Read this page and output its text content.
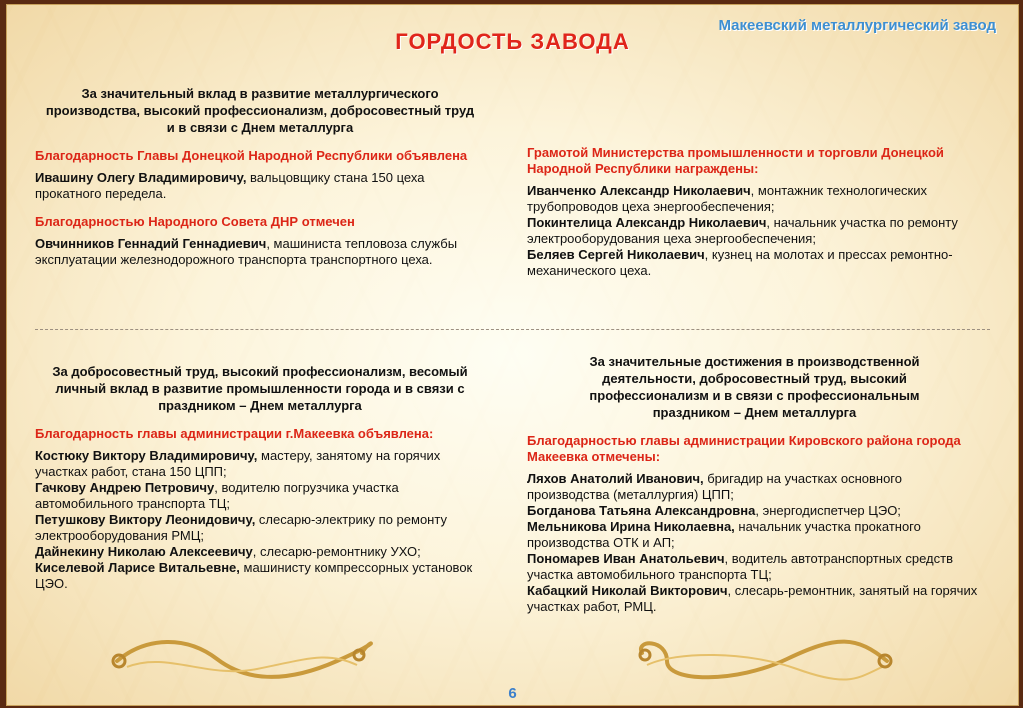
Макеевский металлургический завод
ГОРДОСТЬ ЗАВОДА
За значительный вклад в развитие металлургического производства, высокий профессионализм, добросовестный труд и в связи с Днем металлурга
Благодарность Главы Донецкой Народной Республики объявлена

Ивашину Олегу Владимировичу, вальцовщику стана 150 цеха прокатного передела.

Благодарностью Народного Совета ДНР отмечен

Овчинников Геннадий Геннадиевич, машиниста тепловоза службы эксплуатации железнодорожного транспорта транспортного цеха.

Грамотой Министерства промышленности и торговли Донецкой Народной Республики награждены:

Иванченко Александр Николаевич, монтажник технологических трубопроводов цеха энергообеспечения;

Покинтелица Александр Николаевич, начальник участка по ремонту электрооборудования цеха энергообеспечения;

Беляев Сергей Николаевич, кузнец на молотах и прессах ремонтно-механического цеха.

За добросовестный труд, высокий профессионализм, весомый личный вклад в развитие промышленности города и в связи с праздником – Днем металлурга
Благодарность главы администрации г.Макеевка объявлена:

Костюку Виктору Владимировичу, мастеру, занятому на горячих участках работ, стана 150 ЦПП;

Гачкову Андрею Петровичу, водителю погрузчика участка автомобильного транспорта ТЦ;

Петушкову Виктору Леонидовичу, слесарю-электрику по ремонту электрооборудования РМЦ;

Дайнекину Николаю Алексеевичу, слесарю-ремонтнику УХО;

Киселевой Ларисе Витальевне, машинисту компрессорных установок ЦЭО.

За значительные достижения в производственной деятельности, добросовестный труд, высокий профессионализм и в связи с профессиональным праздником – Днем металлурга
Благодарностью главы администрации Кировского района города Макеевка отмечены:

Ляхов Анатолий Иванович, бригадир на участках основного производства (металлургия) ЦПП;

Богданова Татьяна Александровна, энергодиспетчер ЦЭО;

Мельникова Ирина Николаевна, начальник участка прокатного производства ОТК и АП;

Пономарев Иван Анатольевич, водитель автотранспортных средств участка автомобильного транспорта ТЦ;

Кабацкий Николай Викторович, слесарь-ремонтник, занятый на горячих участках работ, РМЦ.

6
